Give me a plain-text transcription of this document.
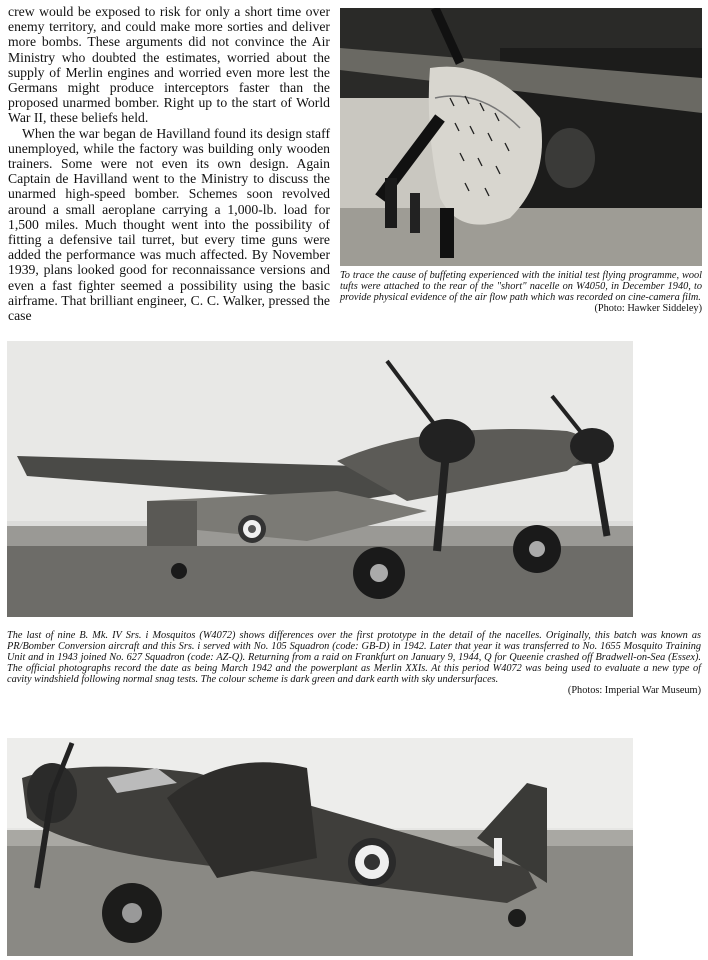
crew would be exposed to risk for only a short time over enemy territory, and could make more sorties and deliver more bombs. These arguments did not convince the Air Ministry who doubted the estimates, worried about the supply of Merlin engines and worried even more lest the Germans might produce interceptors faster than the proposed unarmed bomber. Right up to the start of World War II, these beliefs held.

When the war began de Havilland found its design staff unemployed, while the factory was building only wooden trainers. Some were not even its own design. Again Captain de Havilland went to the Ministry to discuss the unarmed high-speed bomber. Schemes soon revolved around a small aeroplane carrying a 1,000-lb. load for 1,500 miles. Much thought went into the possibility of fitting a defensive tail turret, but every time guns were added the performance was much affected. By November 1939, plans looked good for reconnaissance versions and even a fast fighter seemed a possibility using the basic airframe. That brilliant engineer, C. C. Walker, pressed the case

To trace the cause of buffeting experienced with the initial test flying programme, wool tufts were attached to the rear of the "short" nacelle on W4050, in December 1940, to provide physical evidence of the air flow path which was recorded on cine-camera film.
(Photo: Hawker Siddeley)
The last of nine B. Mk. IV Srs. i Mosquitos (W4072) shows differences over the first prototype in the detail of the nacelles. Originally, this batch was known as PR/Bomber Conversion aircraft and this Srs. i served with No. 105 Squadron (code: GB-D) in 1942. Later that year it was transferred to No. 1655 Mosquito Training Unit and in 1943 joined No. 627 Squadron (code: AZ-Q). Returning from a raid on Frankfurt on January 9, 1944, Q for Queenie crashed off Bradwell-on-Sea (Essex). The official photographs record the date as being March 1942 and the powerplant as Merlin XXIs. At this period W4072 was being used to evaluate a new type of cavity windshield following normal snag tests. The colour scheme is dark green and dark earth with sky undersurfaces.
(Photos: Imperial War Museum)
